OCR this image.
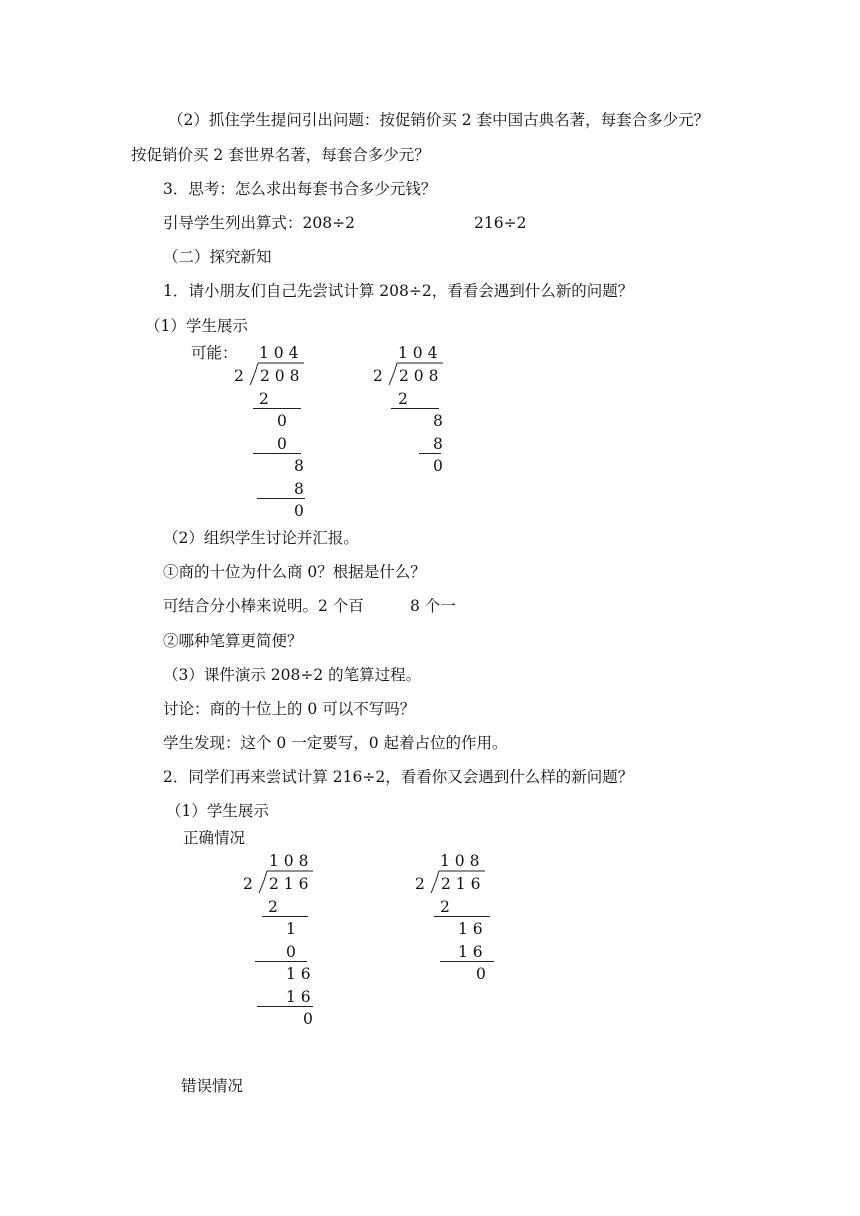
（2）抓住学生提问引出问题：按促销价买 2 套中国古典名著，每套合多少元？
按促销价买 2 套世界名著，每套合多少元？
3．思考：怎么求出每套书合多少元钱？
引导学生列出算式：208÷2	216÷2
（二）探究新知
1．请小朋友们自己先尝试计算 208÷2，看看会遇到什么新的问题？
（1）学生展示
可能： 1 0 4
2 2 0 8
2
0
0
8
8
0
1 0 4
2 2 0 8
2
8
8
0
（2）组织学生讨论并汇报。
①商的十位为什么商 0？根据是什么？
可结合分小棒来说明。2 个百	8 个一
②哪种笔算更简便？
（3）课件演示 208÷2 的笔算过程。
讨论：商的十位上的 0 可以不写吗？
学生发现：这个 0 一定要写，0 起着占位的作用。
2．同学们再来尝试计算 216÷2，看看你又会遇到什么样的新问题？
（1）学生展示
正确情况
1 0 8
2 2 1 6
2
1
0
1 6
1 6
0
1 0 8
2 2 1 6
2
1 6
1 6
0
错误情况
